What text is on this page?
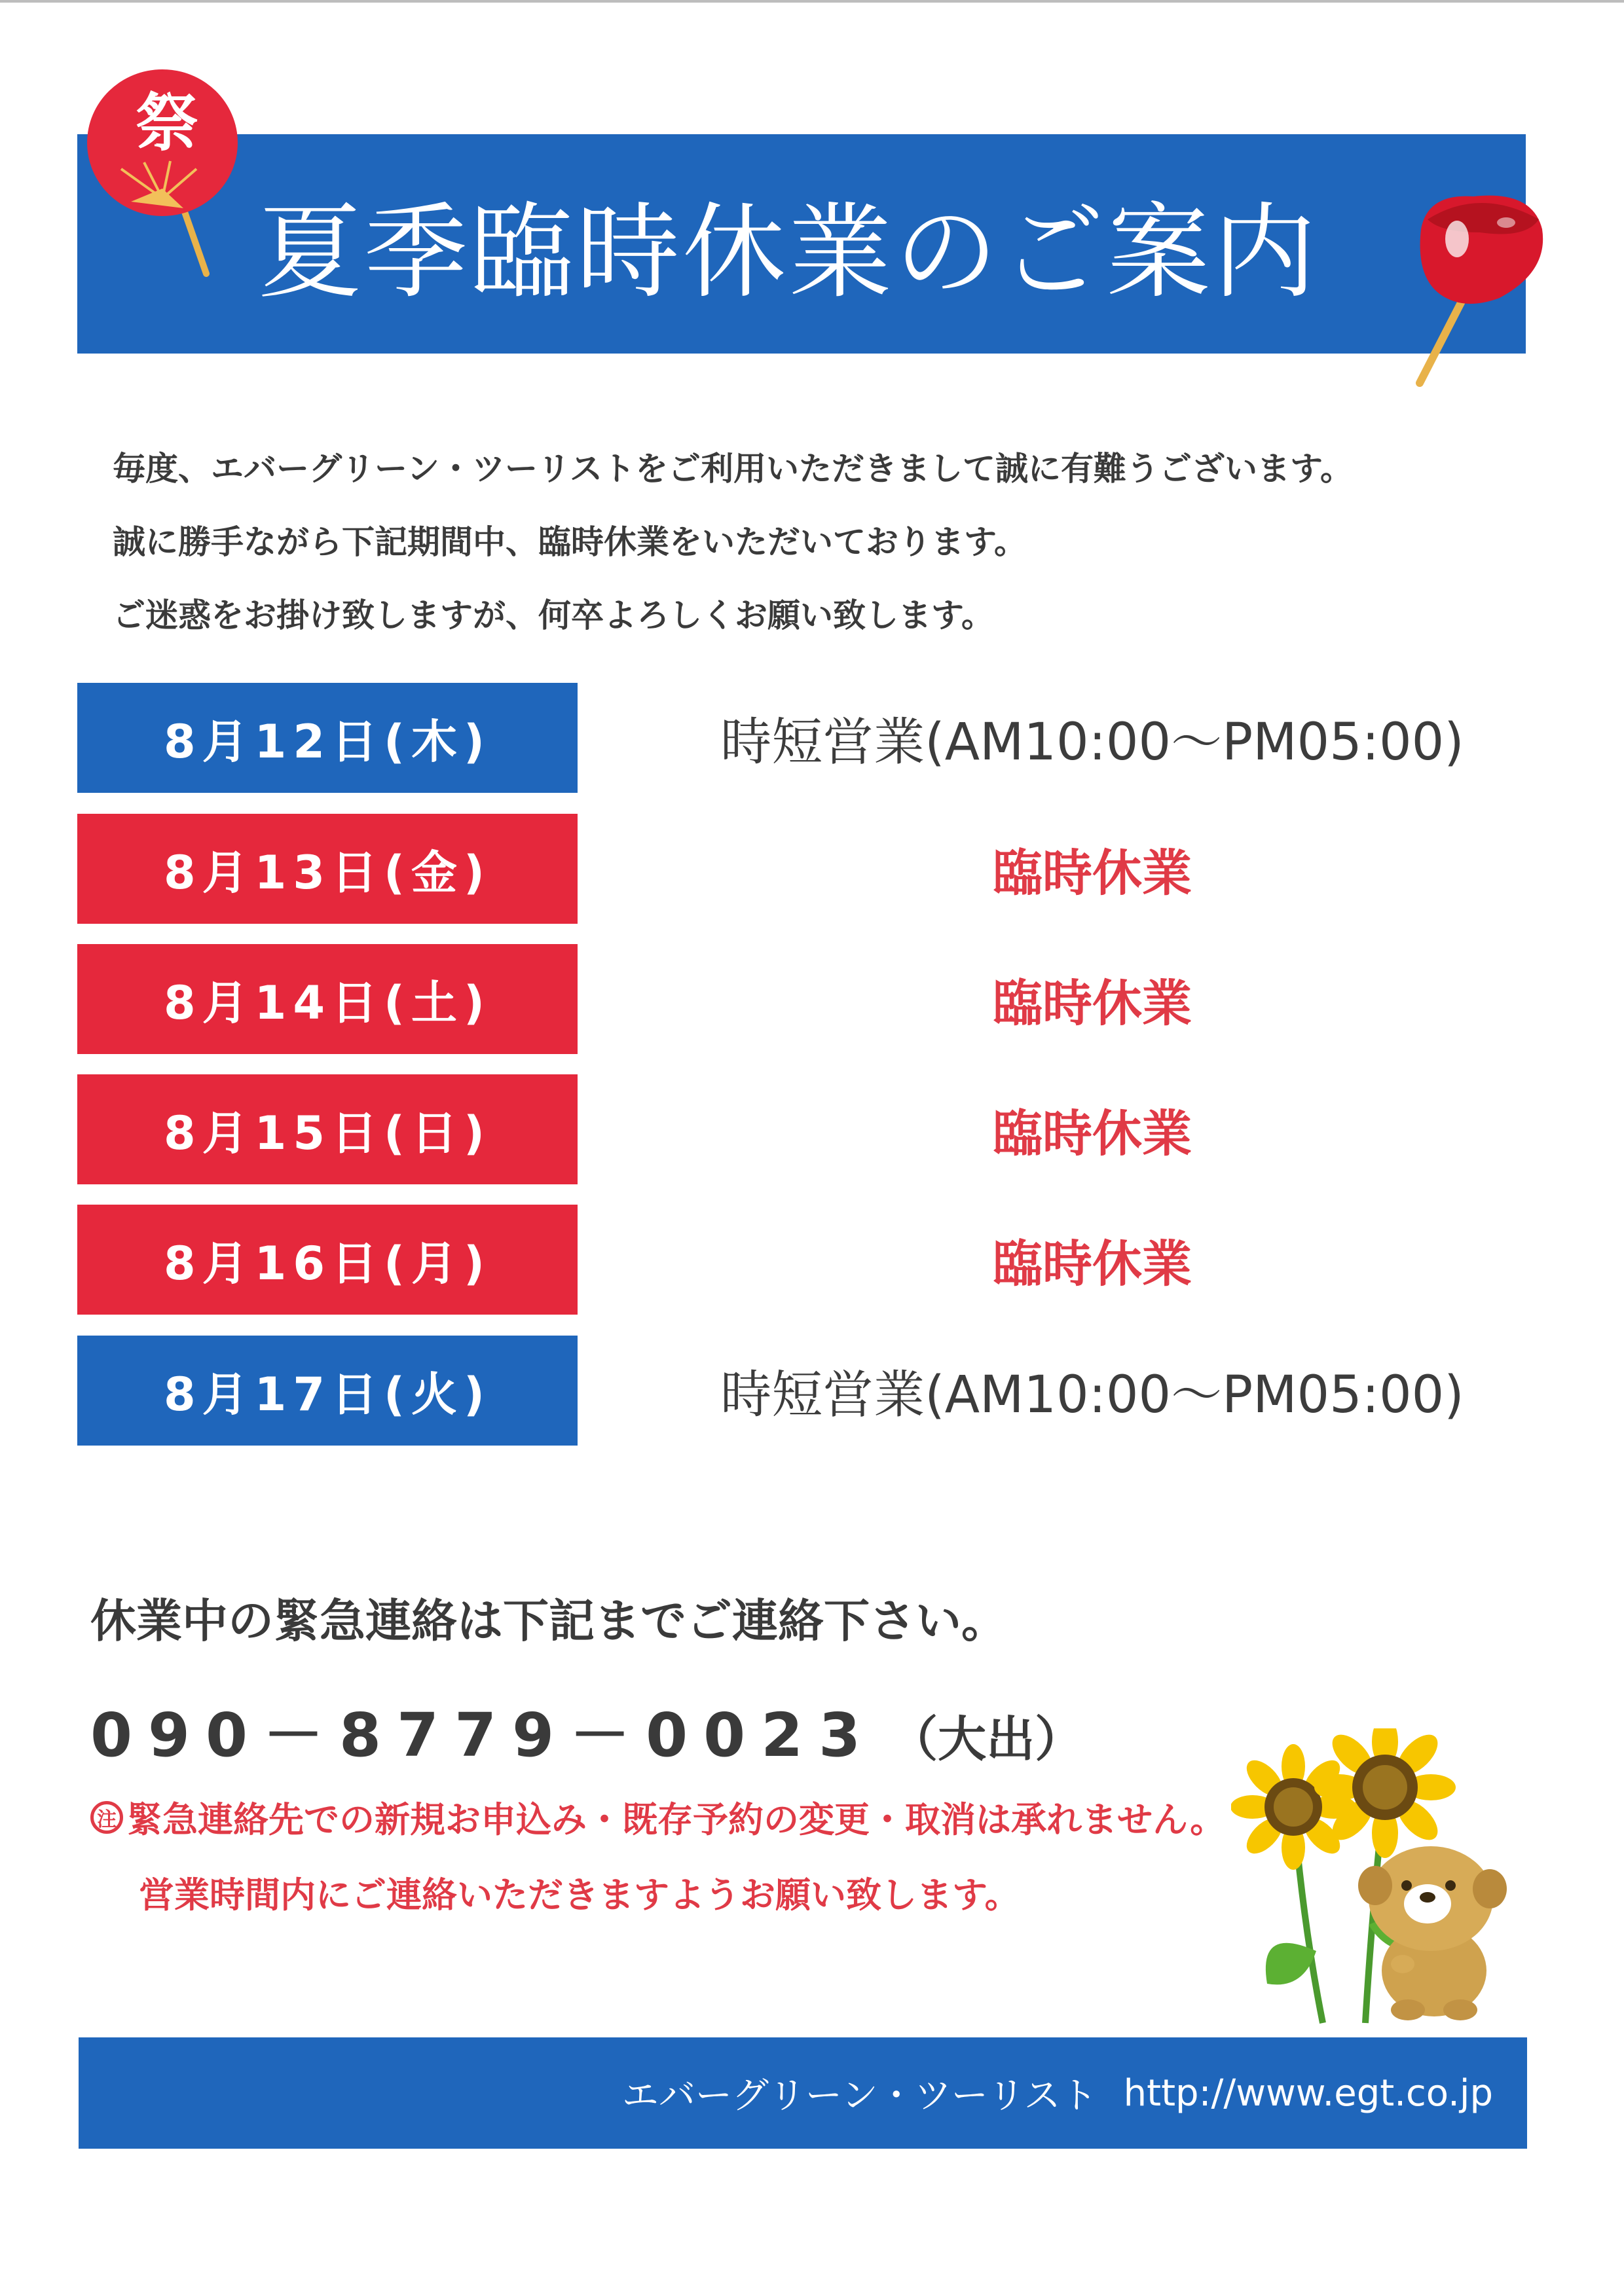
夏季臨時休業のご案内
祭

毎度、エバーグリーン・ツーリストをご利用いただきまして誠に有難うございます。

誠に勝手ながら下記期間中、臨時休業をいただいております。

ご迷惑をお掛け致しますが、何卒よろしくお願い致します。

8月12日(木)	時短営業(AM10:00～PM05:00)
8月13日(金)	臨時休業
8月14日(土)	臨時休業
8月15日(日)	臨時休業
8月16日(月)	臨時休業
8月17日(火)	時短営業(AM10:00～PM05:00)
休業中の緊急連絡は下記までご連絡下さい。
090－8779－0023 （大出）
注 緊急連絡先での新規お申込み・既存予約の変更・取消は承れません。
営業時間内にご連絡いただきますようお願い致します。
エバーグリーン・ツーリスト http://www.egt.co.jp
